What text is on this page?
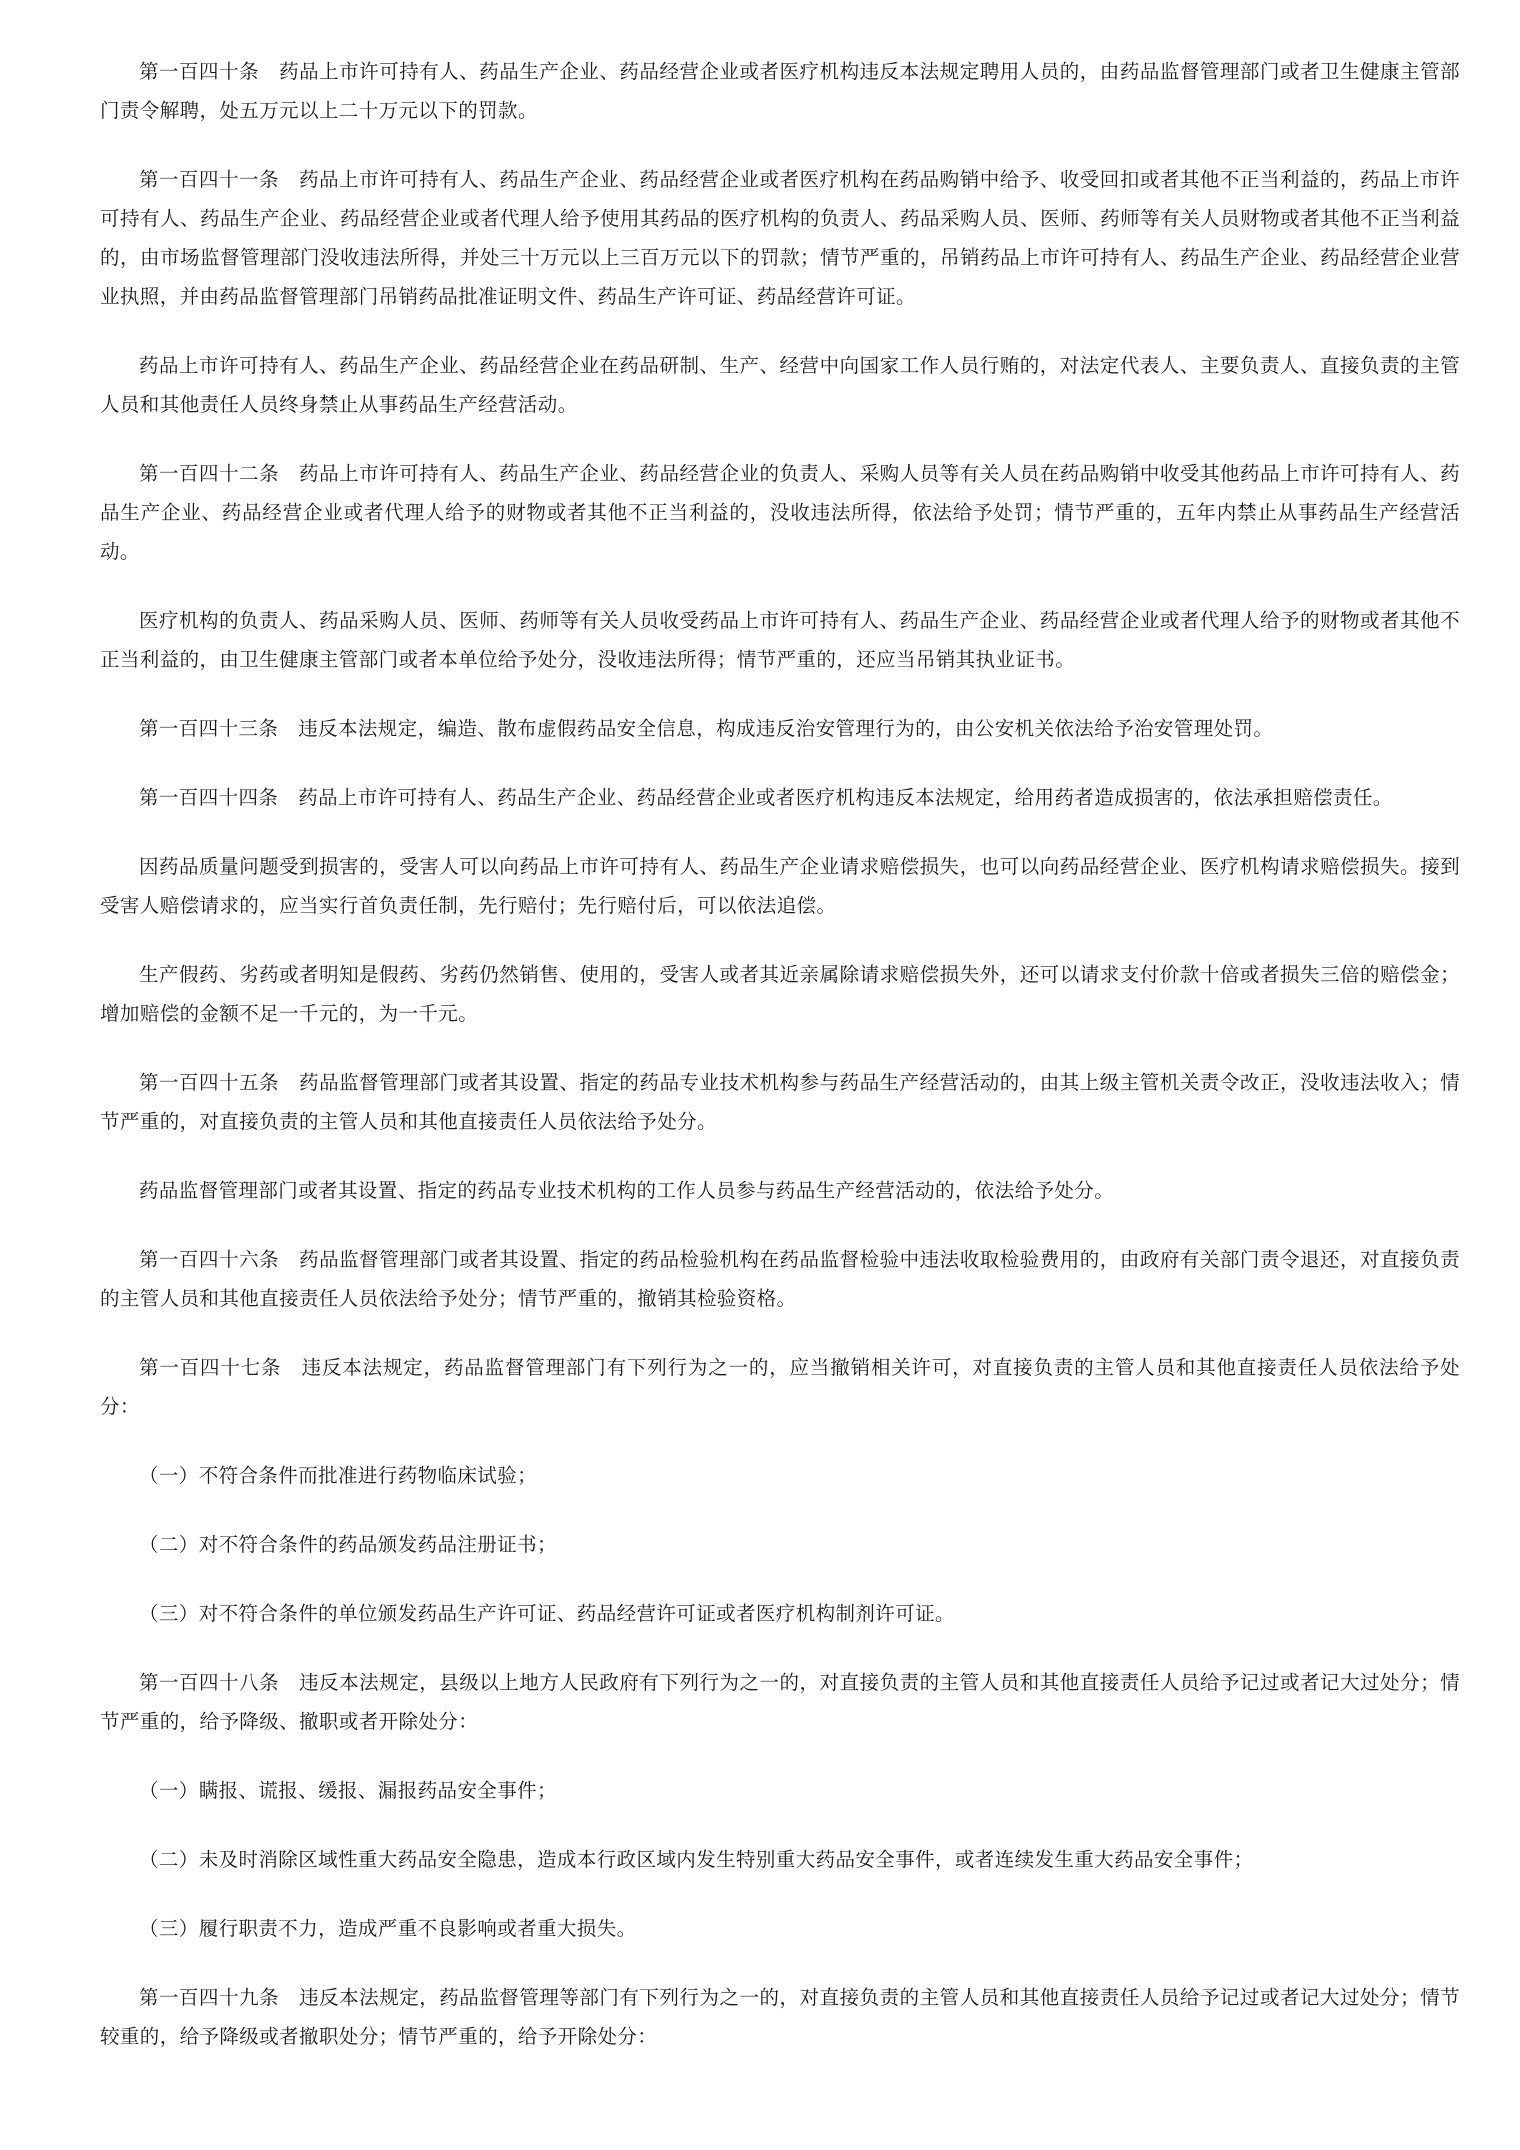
第一百四十条　药品上市许可持有人、药品生产企业、药品经营企业或者医疗机构违反本法规定聘用人员的，由药品监督管理部门或者卫生健康主管部门责令解聘，处五万元以上二十万元以下的罚款。

第一百四十一条　药品上市许可持有人、药品生产企业、药品经营企业或者医疗机构在药品购销中给予、收受回扣或者其他不正当利益的，药品上市许可持有人、药品生产企业、药品经营企业或者代理人给予使用其药品的医疗机构的负责人、药品采购人员、医师、药师等有关人员财物或者其他不正当利益的，由市场监督管理部门没收违法所得，并处三十万元以上三百万元以下的罚款；情节严重的，吊销药品上市许可持有人、药品生产企业、药品经营企业营业执照，并由药品监督管理部门吊销药品批准证明文件、药品生产许可证、药品经营许可证。

药品上市许可持有人、药品生产企业、药品经营企业在药品研制、生产、经营中向国家工作人员行贿的，对法定代表人、主要负责人、直接负责的主管人员和其他责任人员终身禁止从事药品生产经营活动。

第一百四十二条　药品上市许可持有人、药品生产企业、药品经营企业的负责人、采购人员等有关人员在药品购销中收受其他药品上市许可持有人、药品生产企业、药品经营企业或者代理人给予的财物或者其他不正当利益的，没收违法所得，依法给予处罚；情节严重的，五年内禁止从事药品生产经营活动。

医疗机构的负责人、药品采购人员、医师、药师等有关人员收受药品上市许可持有人、药品生产企业、药品经营企业或者代理人给予的财物或者其他不正当利益的，由卫生健康主管部门或者本单位给予处分，没收违法所得；情节严重的，还应当吊销其执业证书。

第一百四十三条　违反本法规定，编造、散布虚假药品安全信息，构成违反治安管理行为的，由公安机关依法给予治安管理处罚。

第一百四十四条　药品上市许可持有人、药品生产企业、药品经营企业或者医疗机构违反本法规定，给用药者造成损害的，依法承担赔偿责任。

因药品质量问题受到损害的，受害人可以向药品上市许可持有人、药品生产企业请求赔偿损失，也可以向药品经营企业、医疗机构请求赔偿损失。接到受害人赔偿请求的，应当实行首负责任制，先行赔付；先行赔付后，可以依法追偿。

生产假药、劣药或者明知是假药、劣药仍然销售、使用的，受害人或者其近亲属除请求赔偿损失外，还可以请求支付价款十倍或者损失三倍的赔偿金；增加赔偿的金额不足一千元的，为一千元。

第一百四十五条　药品监督管理部门或者其设置、指定的药品专业技术机构参与药品生产经营活动的，由其上级主管机关责令改正，没收违法收入；情节严重的，对直接负责的主管人员和其他直接责任人员依法给予处分。

药品监督管理部门或者其设置、指定的药品专业技术机构的工作人员参与药品生产经营活动的，依法给予处分。

第一百四十六条　药品监督管理部门或者其设置、指定的药品检验机构在药品监督检验中违法收取检验费用的，由政府有关部门责令退还，对直接负责的主管人员和其他直接责任人员依法给予处分；情节严重的，撤销其检验资格。

第一百四十七条　违反本法规定，药品监督管理部门有下列行为之一的，应当撤销相关许可，对直接负责的主管人员和其他直接责任人员依法给予处分：

（一）不符合条件而批准进行药物临床试验；

（二）对不符合条件的药品颁发药品注册证书；

（三）对不符合条件的单位颁发药品生产许可证、药品经营许可证或者医疗机构制剂许可证。

第一百四十八条　违反本法规定，县级以上地方人民政府有下列行为之一的，对直接负责的主管人员和其他直接责任人员给予记过或者记大过处分；情节严重的，给予降级、撤职或者开除处分：

（一）瞒报、谎报、缓报、漏报药品安全事件；

（二）未及时消除区域性重大药品安全隐患，造成本行政区域内发生特别重大药品安全事件，或者连续发生重大药品安全事件；

（三）履行职责不力，造成严重不良影响或者重大损失。

第一百四十九条　违反本法规定，药品监督管理等部门有下列行为之一的，对直接负责的主管人员和其他直接责任人员给予记过或者记大过处分；情节较重的，给予降级或者撤职处分；情节严重的，给予开除处分：
